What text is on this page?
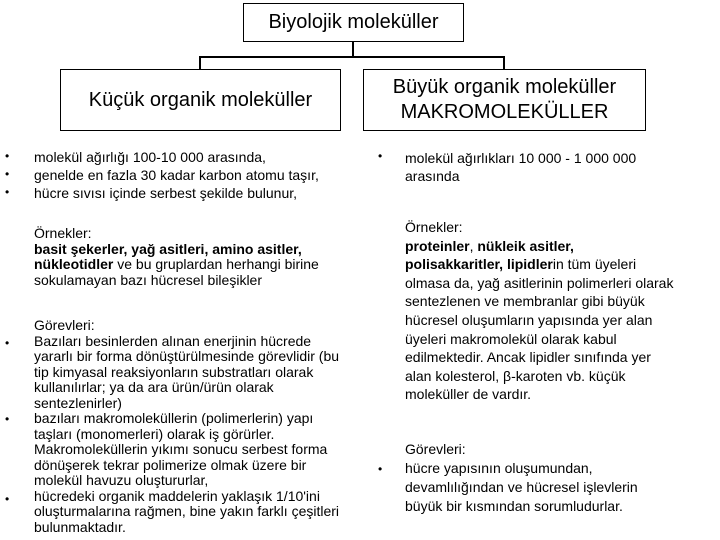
Biyolojik moleküller
Küçük organik moleküller
Büyük organik moleküller
MAKROMOLEKÜLLER
•
•
•
•
•
•
molekül ağırlığı 100-10 000 arasında,
genelde en fazla 30 kadar karbon atomu taşır,
hücre sıvısı içinde serbest şekilde bulunur,
Örnekler:
basit şekerler, yağ asitleri, amino asitler,
nükleotidler ve bu gruplardan herhangi birine
sokulamayan bazı hücresel bileşikler
Görevleri:
Bazıları besinlerden alınan enerjinin hücrede
yararlı bir forma dönüştürülmesinde görevlidir (bu
tip kimyasal reaksiyonların substratları olarak
kullanılırlar; ya da ara ürün/ürün olarak
sentezlenirler)
bazıları makromoleküllerin (polimerlerin) yapı
taşları (monomerleri) olarak iş görürler.
Makromoleküllerin yıkımı sonucu serbest forma
dönüşerek tekrar polimerize olmak üzere bir
molekül havuzu oluştururlar,
hücredeki organik maddelerin yaklaşık 1/10'ini
oluşturmalarına rağmen, bine yakın farklı çeşitleri
bulunmaktadır.
•
•
molekül ağırlıkları 10 000 - 1 000 000
arasında
Örnekler:
proteinler, nükleik asitler,
polisakkaritler, lipidlerin tüm üyeleri
olmasa da, yağ asitlerinin polimerleri olarak
sentezlenen ve membranlar gibi büyük
hücresel oluşumların yapısında yer alan
üyeleri makromolekül olarak kabul
edilmektedir. Ancak lipidler sınıfında yer
alan kolesterol, β-karoten vb. küçük
moleküller de vardır.
Görevleri:
hücre yapısının oluşumundan,
devamlılığından ve hücresel işlevlerin
büyük bir kısmından sorumludurlar.
